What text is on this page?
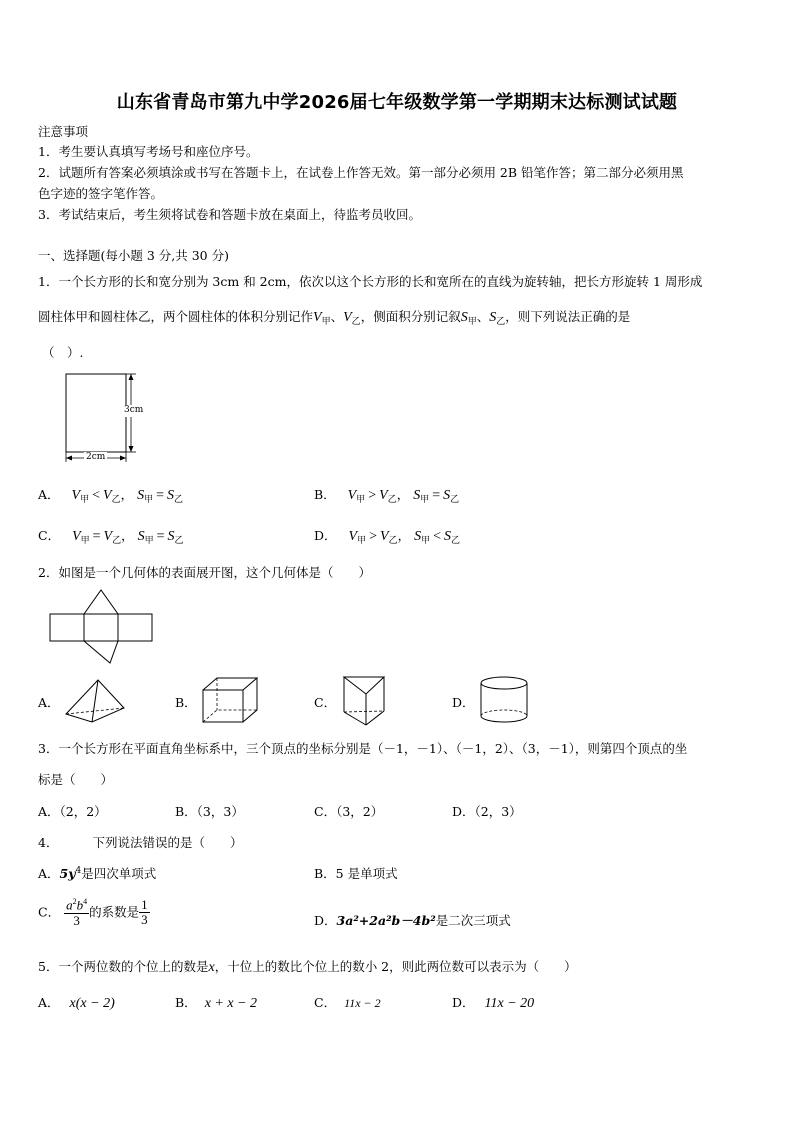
山东省青岛市第九中学2026届七年级数学第一学期期末达标测试试题
注意事项
1．考生要认真填写考场号和座位序号。
2．试题所有答案必须填涂或书写在答题卡上，在试卷上作答无效。第一部分必须用 2B 铅笔作答；第二部分必须用黑
色字迹的签字笔作答。
3．考试结束后，考生须将试卷和答题卡放在桌面上，待监考员收回。
一、选择题(每小题 3 分,共 30 分)
1．一个长方形的长和宽分别为 3cm 和 2cm，依次以这个长方形的长和宽所在的直线为旋转轴，把长方形旋转 1 周形成
圆柱体甲和圆柱体乙，两个圆柱体的体积分别记作$V_甲$、$V_乙$，侧面积分别记叙$S_甲$、$S_乙$，则下列说法正确的是
（　）.
3cm
2cm
A． $V_甲 < V_乙$， $S_甲 = S_乙$	B． $V_甲 > V_乙$， $S_甲 = S_乙$
C． $V_甲 = V_乙$， $S_甲 = S_乙$	D． $V_甲 > V_乙$， $S_甲 < S_乙$
2．如图是一个几何体的表面展开图，这个几何体是（　　）
A．	B．	C．	D．
3．一个长方形在平面直角坐标系中，三个顶点的坐标分别是（－1，－1）、（－1，2）、（3，－1），则第四个顶点的坐
标是（　　）
A．（2，2）	B．（3，3）	C．（3，2）	D．（2，3）
4．	下列说法错误的是（　　）
A．$5y^4$是四次单项式	B．5 是单项式
C． $\frac{a^2b^4}{3}$ 的系数是 $\frac{1}{3}$	D．3a²+2a²b－4b²是二次三项式
5．一个两位数的个位上的数是x，十位上的数比个位上的数小 2，则此两位数可以表示为（　　）
A． x(x − 2)	B． x + x − 2	C． 11x − 2	D． 11x − 20
